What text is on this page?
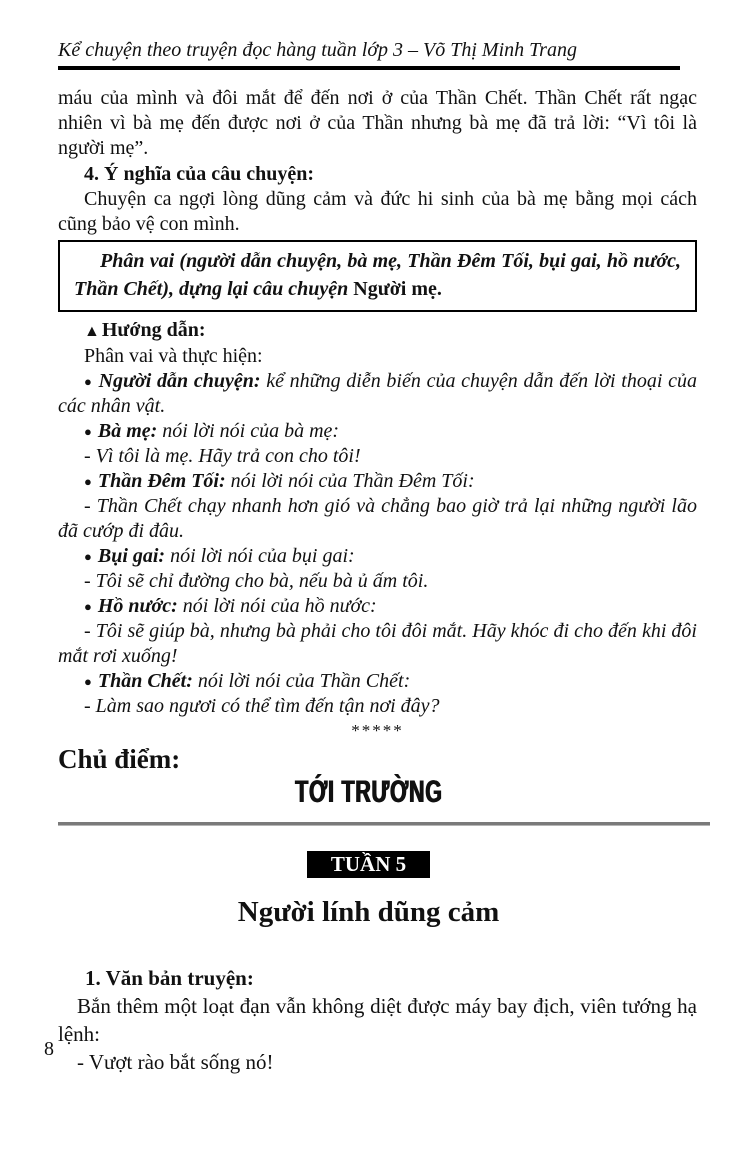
Kể chuyện theo truyện đọc hàng tuần lớp 3 – Võ Thị Minh Trang

máu của mình và đôi mắt để đến nơi ở của Thần Chết. Thần Chết rất ngạc nhiên vì bà mẹ đến được nơi ở của Thần nhưng bà mẹ đã trả lời: “Vì tôi là người mẹ”.

4. Ý nghĩa của câu chuyện:

Chuyện ca ngợi lòng dũng cảm và đức hi sinh của bà mẹ bằng mọi cách cũng bảo vệ con mình.

Phân vai (người dẫn chuyện, bà mẹ, Thần Đêm Tối, bụi gai, hồ nước, Thần Chết), dựng lại câu chuyện Người mẹ.

▲Hướng dẫn:

Phân vai và thực hiện:

● Người dẫn chuyện: kể những diễn biến của chuyện dẫn đến lời thoại của các nhân vật.

● Bà mẹ: nói lời nói của bà mẹ:

- Vì tôi là mẹ. Hãy trả con cho tôi!

● Thần Đêm Tối: nói lời nói của Thần Đêm Tối:

- Thần Chết chạy nhanh hơn gió và chẳng bao giờ trả lại những người lão đã cướp đi đâu.

● Bụi gai: nói lời nói của bụi gai:

- Tôi sẽ chỉ đường cho bà, nếu bà ủ ấm tôi.

● Hồ nước: nói lời nói của hồ nước:

- Tôi sẽ giúp bà, nhưng bà phải cho tôi đôi mắt. Hãy khóc đi cho đến khi đôi mắt rơi xuống!

● Thần Chết: nói lời nói của Thần Chết:

- Làm sao ngươi có thể tìm đến tận nơi đây?

*****

Chủ điểm:

TỚI TRƯỜNG
TUẦN 5
Người lính dũng cảm

1. Văn bản truyện:

Bắn thêm một loạt đạn vẫn không diệt được máy bay địch, viên tướng hạ lệnh:

- Vượt rào bắt sống nó!

8
